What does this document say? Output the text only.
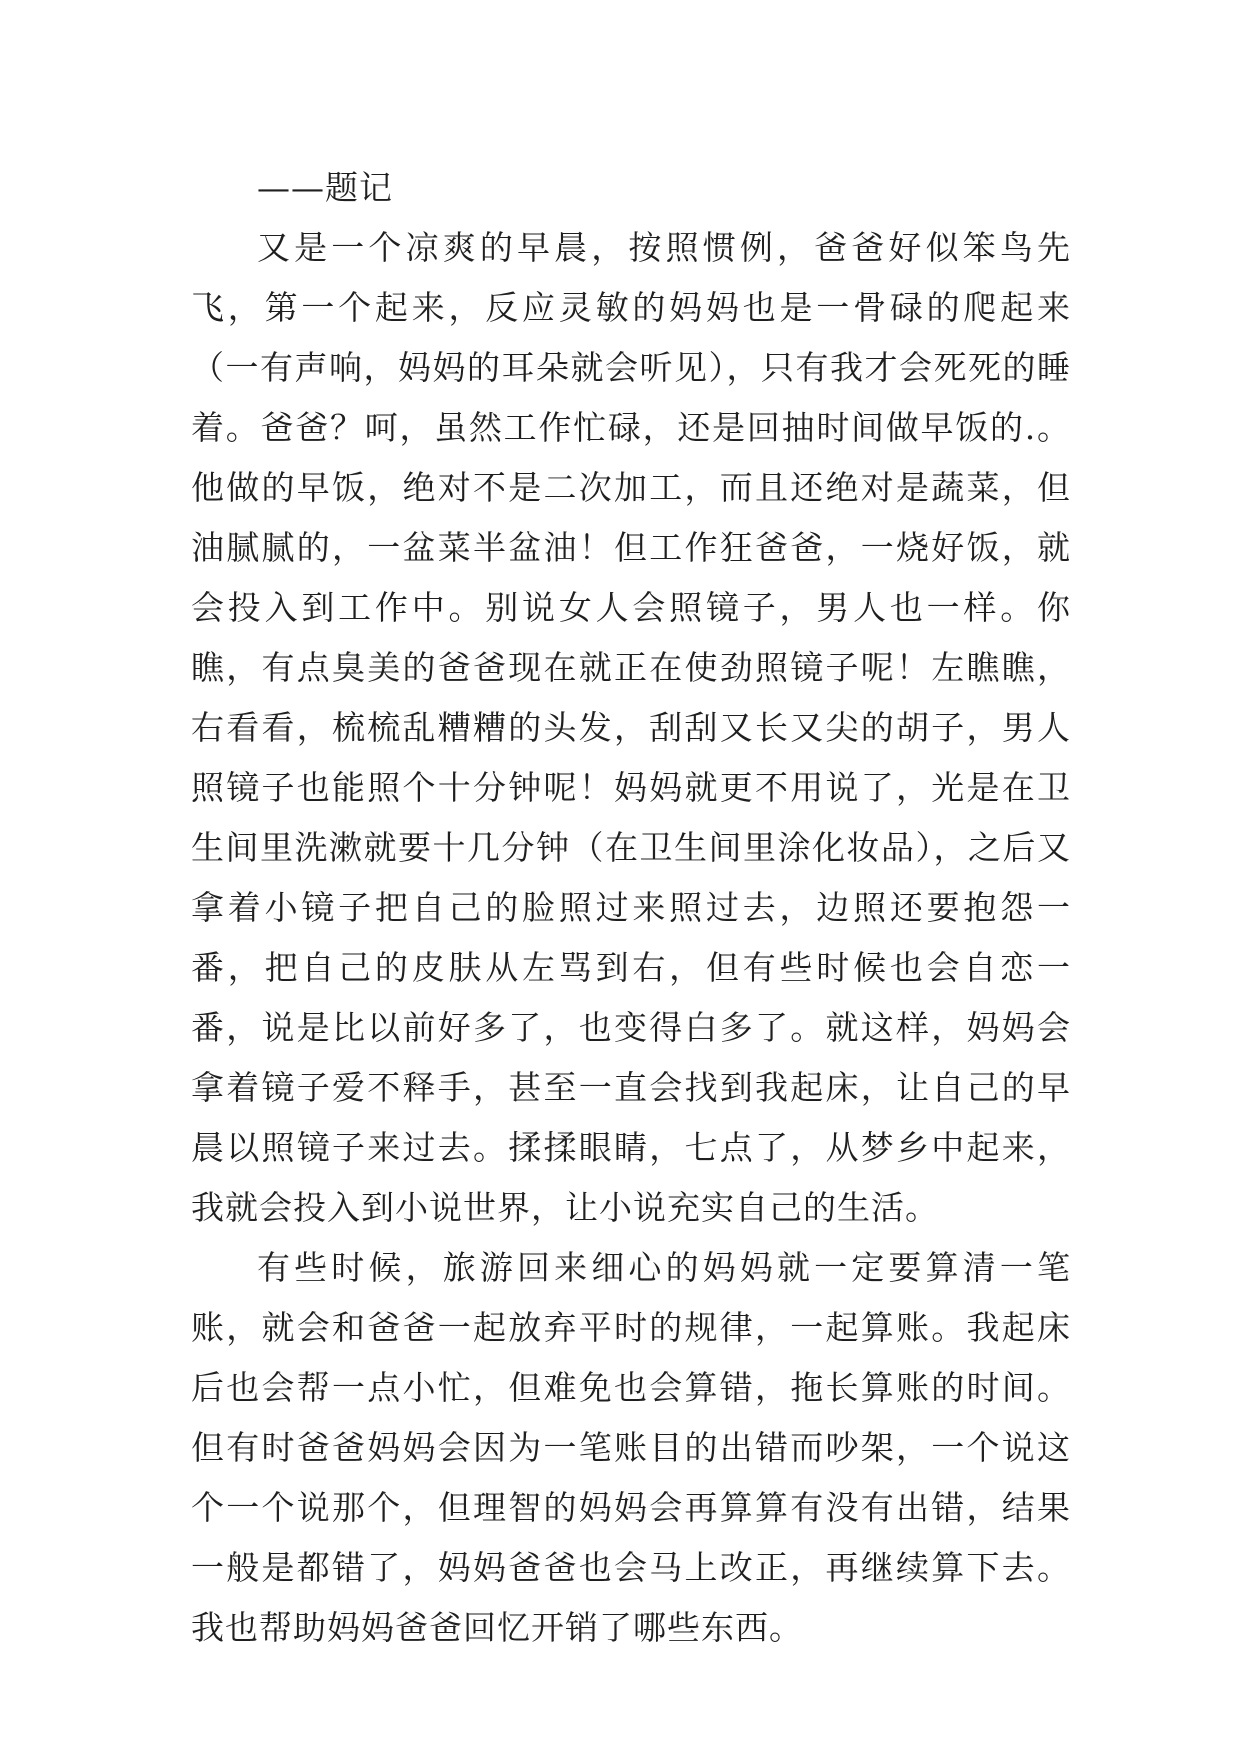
——题记

又是一个凉爽的早晨，按照惯例，爸爸好似笨鸟先飞，第一个起来，反应灵敏的妈妈也是一骨碌的爬起来（一有声响，妈妈的耳朵就会听见），只有我才会死死的睡着。爸爸？呵，虽然工作忙碌，还是回抽时间做早饭的.。他做的早饭，绝对不是二次加工，而且还绝对是蔬菜，但油腻腻的，一盆菜半盆油！但工作狂爸爸，一烧好饭，就会投入到工作中。别说女人会照镜子，男人也一样。你瞧，有点臭美的爸爸现在就正在使劲照镜子呢！左瞧瞧，右看看，梳梳乱糟糟的头发，刮刮又长又尖的胡子，男人照镜子也能照个十分钟呢！妈妈就更不用说了，光是在卫生间里洗漱就要十几分钟（在卫生间里涂化妆品），之后又拿着小镜子把自己的脸照过来照过去，边照还要抱怨一番，把自己的皮肤从左骂到右，但有些时候也会自恋一番，说是比以前好多了，也变得白多了。就这样，妈妈会拿着镜子爱不释手，甚至一直会找到我起床，让自己的早晨以照镜子来过去。揉揉眼睛，七点了，从梦乡中起来，我就会投入到小说世界，让小说充实自己的生活。

有些时候，旅游回来细心的妈妈就一定要算清一笔账，就会和爸爸一起放弃平时的规律，一起算账。我起床后也会帮一点小忙，但难免也会算错，拖长算账的时间。但有时爸爸妈妈会因为一笔账目的出错而吵架，一个说这个一个说那个，但理智的妈妈会再算算有没有出错，结果一般是都错了，妈妈爸爸也会马上改正，再继续算下去。我也帮助妈妈爸爸回忆开销了哪些东西。
